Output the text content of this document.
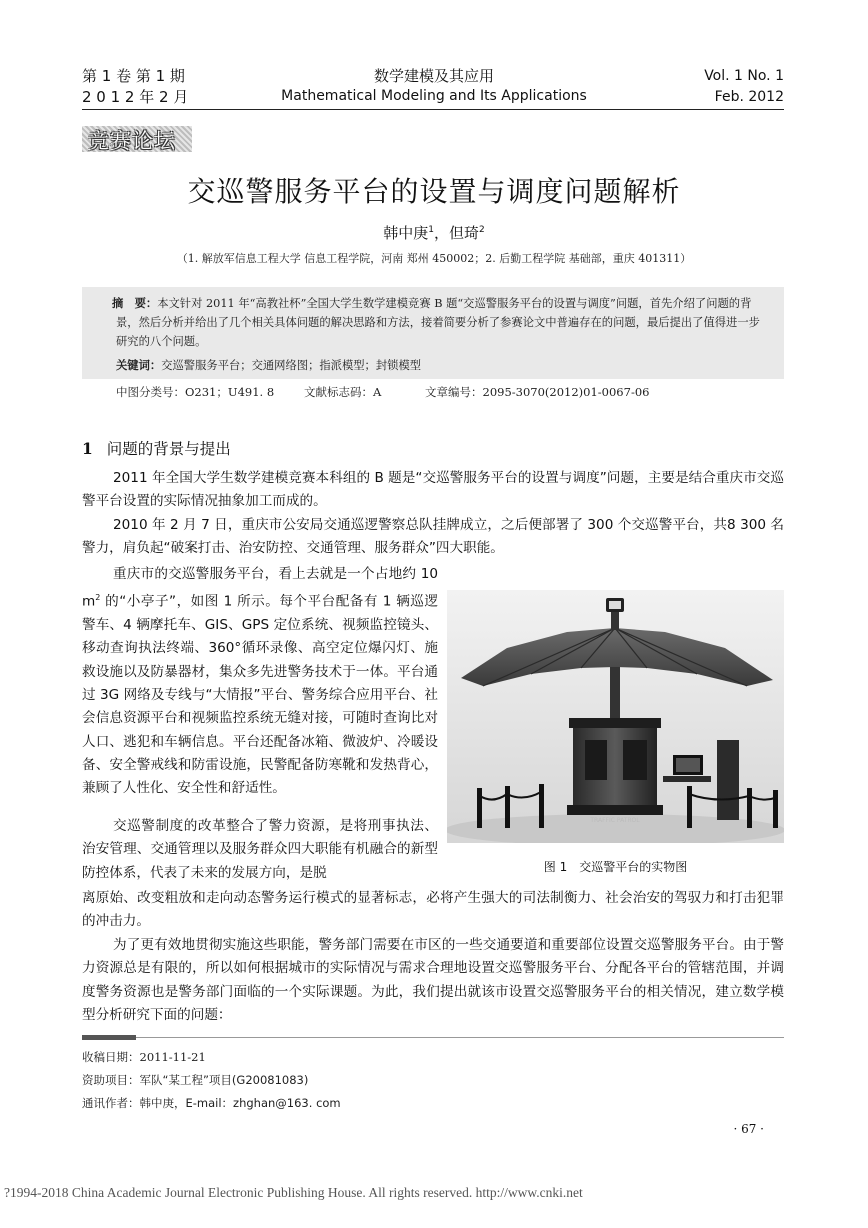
第 1 卷 第 1 期
2 0 1 2 年 2 月
数学建模及其应用
Mathematical Modeling and Its Applications
Vol. 1 No. 1
Feb. 2012
竞赛论坛
交巡警服务平台的设置与调度问题解析
韩中庚$^1$，但琦$^2$
（1. 解放军信息工程大学 信息工程学院，河南 郑州 450002；2. 后勤工程学院 基础部，重庆 401311）
摘　要：本文针对 2011 年“高教社杯”全国大学生数学建模竞赛 B 题“交巡警服务平台的设置与调度”问题，首先介绍了问题的背景，然后分析并给出了几个相关具体问题的解决思路和方法，接着简要分析了参赛论文中普遍存在的问题，最后提出了值得进一步研究的八个问题。
关键词：交巡警服务平台；交通网络图；指派模型；封锁模型
中图分类号：O231；U491. 8	文献标志码：A	文章编号：2095-3070(2012)01-0067-06
1 问题的背景与提出
2011 年全国大学生数学建模竞赛本科组的 B 题是“交巡警服务平台的设置与调度”问题，主要是结合重庆市交巡警平台设置的实际情况抽象加工而成的。
2010 年 2 月 7 日，重庆市公安局交通巡逻警察总队挂牌成立，之后便部署了 300 个交巡警平台，共8 300 名警力，肩负起“破案打击、治安防控、交通管理、服务群众”四大职能。
重庆市的交巡警服务平台，看上去就是一个占地约 10 $m^2$ 的“小亭子”，如图 1 所示。每个平台配备有 1 辆巡逻警车、4 辆摩托车、GIS、GPS 定位系统、视频监控镜头、移动查询执法终端、360°循环录像、高空定位爆闪灯、施救设施以及防暴器材，集众多先进警务技术于一体。平台通过 3G 网络及专线与“大情报”平台、警务综合应用平台、社会信息资源平台和视频监控系统无缝对接，可随时查询比对人口、逃犯和车辆信息。平台还配备冰箱、微波炉、冷暖设备、安全警戒线和防雷设施，民警配备防寒靴和发热背心，兼顾了人性化、安全性和舒适性。
交巡警制度的改革整合了警力资源，是将刑事执法、治安管理、交通管理以及服务群众四大职能有机融合的新型防控体系，代表了未来的发展方向，是脱
离原始、改变粗放和走向动态警务运行模式的显著标志，必将产生强大的司法制衡力、社会治安的驾驭力和打击犯罪的冲击力。
为了更有效地贯彻实施这些职能，警务部门需要在市区的一些交通要道和重要部位设置交巡警服务平台。由于警力资源总是有限的，所以如何根据城市的实际情况与需求合理地设置交巡警服务平台、分配各平台的管辖范围，并调度警务资源也是警务部门面临的一个实际课题。为此，我们提出就该市设置交巡警服务平台的相关情况，建立数学模型分析研究下面的问题：
TRAFFIC PATROL
图 1　交巡警平台的实物图
收稿日期：2011-11-21
资助项目：军队“某工程”项目(G20081083)
通讯作者：韩中庚，E-mail：zhghan@163. com
· 67 ·
?1994-2018 China Academic Journal Electronic Publishing House. All rights reserved. http://www.cnki.net
